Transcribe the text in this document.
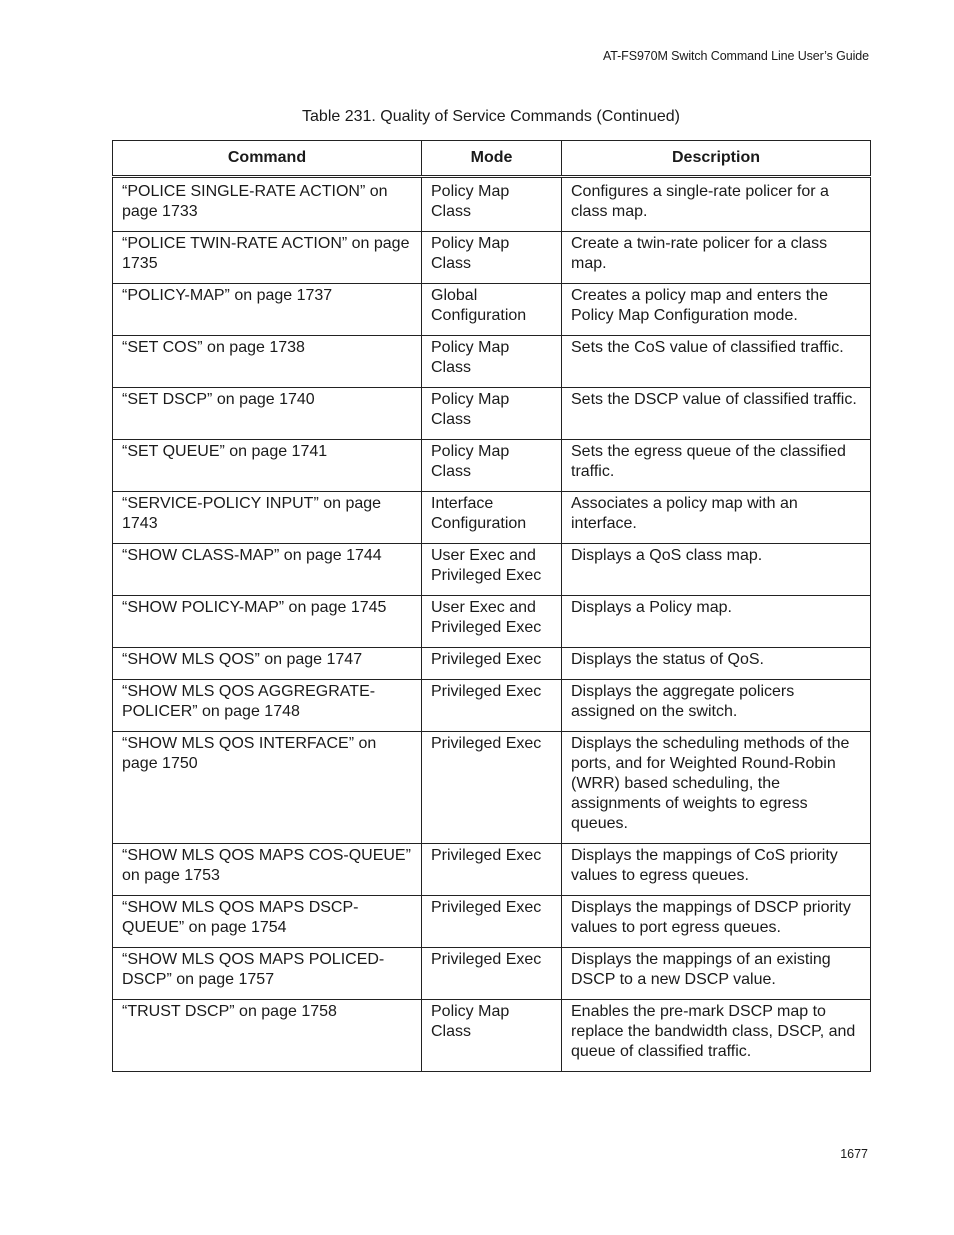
AT-FS970M Switch Command Line User’s Guide
Table 231. Quality of Service Commands (Continued)
Command	Mode	Description
“POLICE SINGLE-RATE ACTION” on page 1733	Policy Map Class	Configures a single-rate policer for a class map.
“POLICE TWIN-RATE ACTION” on page 1735	Policy Map Class	Create a twin-rate policer for a class map.
“POLICY-MAP” on page 1737	Global Configuration	Creates a policy map and enters the Policy Map Configuration mode.
“SET COS” on page 1738	Policy Map Class	Sets the CoS value of classified traffic.
“SET DSCP” on page 1740	Policy Map Class	Sets the DSCP value of classified traffic.
“SET QUEUE” on page 1741	Policy Map Class	Sets the egress queue of the classified traffic.
“SERVICE-POLICY INPUT” on page 1743	Interface Configuration	Associates a policy map with an interface.
“SHOW CLASS-MAP” on page 1744	User Exec and Privileged Exec	Displays a QoS class map.
“SHOW POLICY-MAP” on page 1745	User Exec and Privileged Exec	Displays a Policy map.
“SHOW MLS QOS” on page 1747	Privileged Exec	Displays the status of QoS.
“SHOW MLS QOS AGGREGRATE-POLICER” on page 1748	Privileged Exec	Displays the aggregate policers assigned on the switch.
“SHOW MLS QOS INTERFACE” on page 1750	Privileged Exec	Displays the scheduling methods of the ports, and for Weighted Round-Robin (WRR) based scheduling, the assignments of weights to egress queues.
“SHOW MLS QOS MAPS COS-QUEUE” on page 1753	Privileged Exec	Displays the mappings of CoS priority values to egress queues.
“SHOW MLS QOS MAPS DSCP-QUEUE” on page 1754	Privileged Exec	Displays the mappings of DSCP priority values to port egress queues.
“SHOW MLS QOS MAPS POLICED-DSCP” on page 1757	Privileged Exec	Displays the mappings of an existing DSCP to a new DSCP value.
“TRUST DSCP” on page 1758	Policy Map Class	Enables the pre-mark DSCP map to replace the bandwidth class, DSCP, and queue of classified traffic.
1677
